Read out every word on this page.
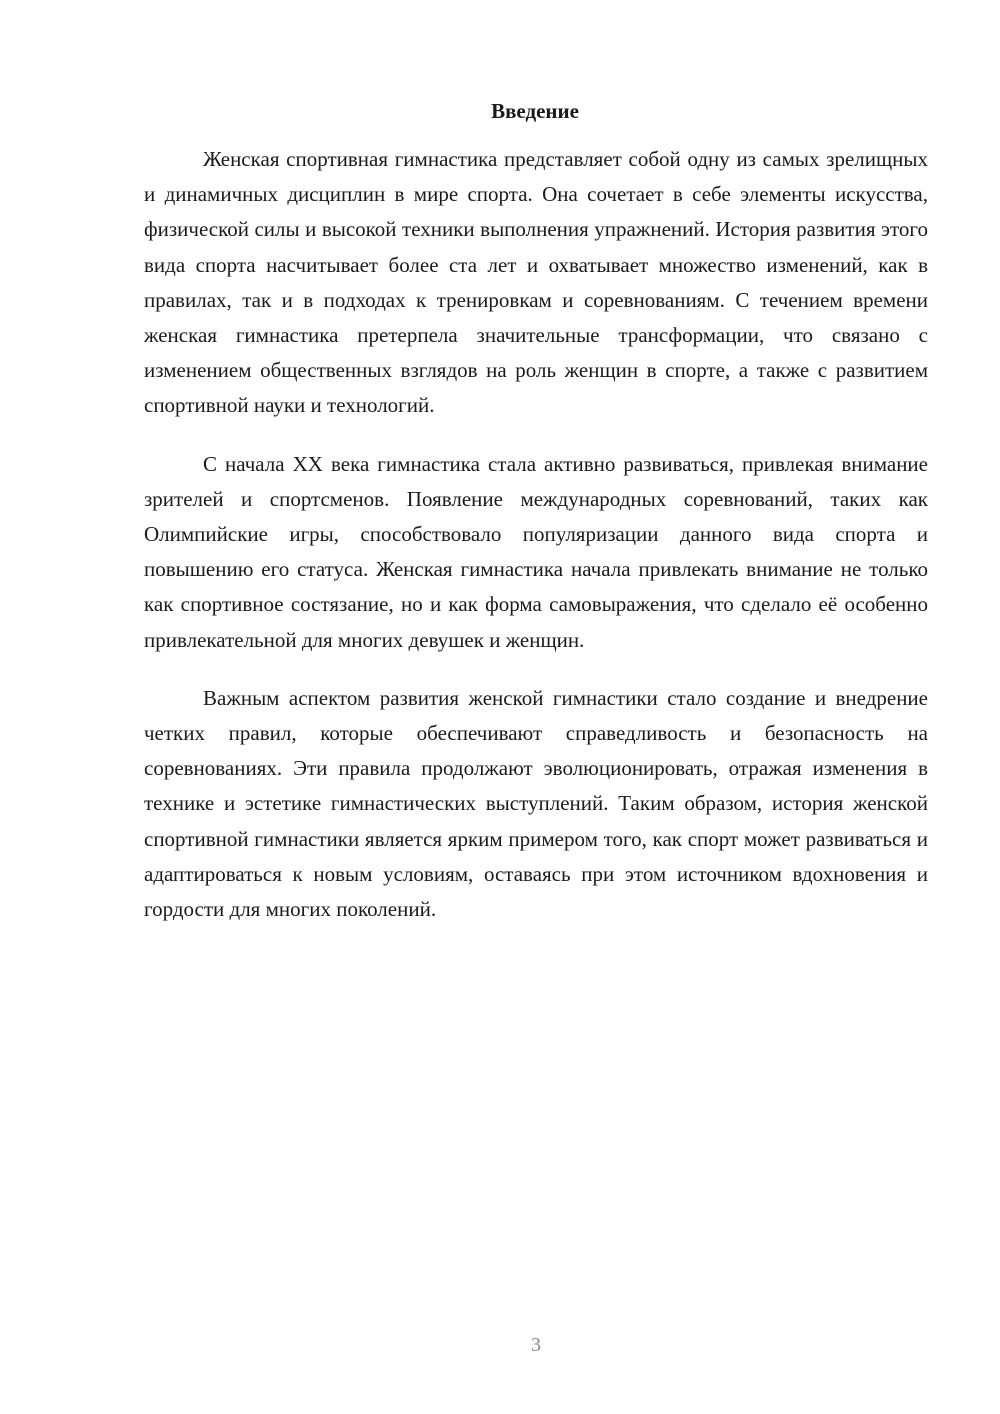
Введение

Женская спортивная гимнастика представляет собой одну из самых зрелищных и динамичных дисциплин в мире спорта. Она сочетает в себе элементы искусства, физической силы и высокой техники выполнения упражнений. История развития этого вида спорта насчитывает более ста лет и охватывает множество изменений, как в правилах, так и в подходах к тренировкам и соревнованиям. С течением времени женская гимнастика претерпела значительные трансформации, что связано с изменением общественных взглядов на роль женщин в спорте, а также с развитием спортивной науки и технологий.

С начала XX века гимнастика стала активно развиваться, привлекая внимание зрителей и спортсменов. Появление международных соревнований, таких как Олимпийские игры, способствовало популяризации данного вида спорта и повышению его статуса. Женская гимнастика начала привлекать внимание не только как спортивное состязание, но и как форма самовыражения, что сделало её особенно привлекательной для многих девушек и женщин.

Важным аспектом развития женской гимнастики стало создание и внедрение четких правил, которые обеспечивают справедливость и безопасность на соревнованиях. Эти правила продолжают эволюционировать, отражая изменения в технике и эстетике гимнастических выступлений. Таким образом, история женской спортивной гимнастики является ярким примером того, как спорт может развиваться и адаптироваться к новым условиям, оставаясь при этом источником вдохновения и гордости для многих поколений.

3
